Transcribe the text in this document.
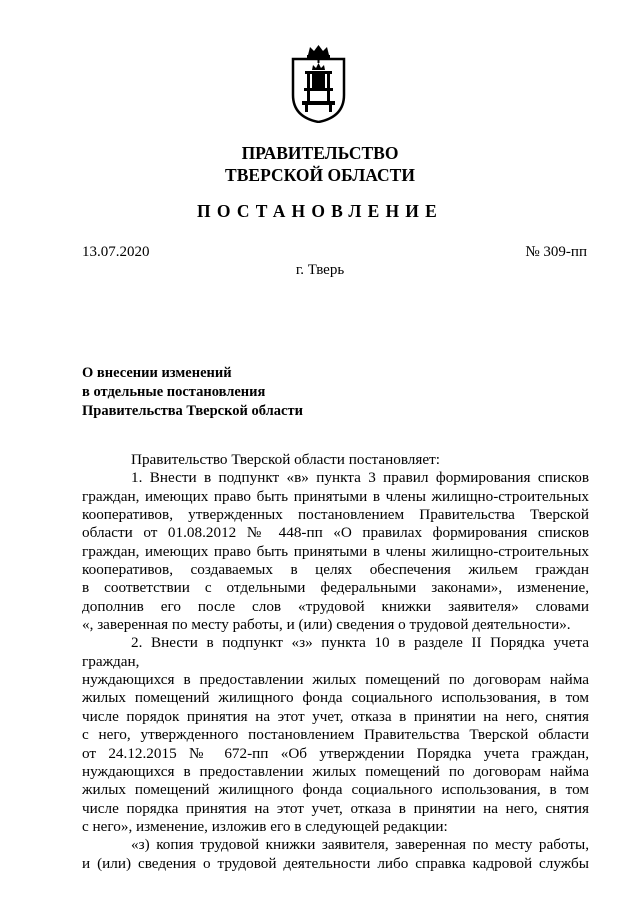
ПРАВИТЕЛЬСТВО
ТВЕРСКОЙ ОБЛАСТИ
ПОСТАНОВЛЕНИЕ
13.07.2020	№ 309-пп
г. Тверь
О внесении изменений
в отдельные постановления
Правительства Тверской области

Правительство Тверской области постановляет:

1. Внести в подпункт «в» пункта 3 правил формирования списков

граждан, имеющих право быть принятыми в члены жилищно-строительных

кооперативов, утвержденных постановлением Правительства Тверской

области от 01.08.2012 № 448-пп «О правилах формирования списков

граждан, имеющих право быть принятыми в члены жилищно-строительных

кооперативов, создаваемых в целях обеспечения жильем граждан

в соответствии с отдельными федеральными законами», изменение,

дополнив его после слов «трудовой книжки заявителя» словами

«, заверенная по месту работы, и (или) сведения о трудовой деятельности».

2. Внести в подпункт «з» пункта 10 в разделе II Порядка учета граждан,

нуждающихся в предоставлении жилых помещений по договорам найма

жилых помещений жилищного фонда социального использования, в том

числе порядок принятия на этот учет, отказа в принятии на него, снятия

с него, утвержденного постановлением Правительства Тверской области

от 24.12.2015 № 672-пп «Об утверждении Порядка учета граждан,

нуждающихся в предоставлении жилых помещений по договорам найма

жилых помещений жилищного фонда социального использования, в том

числе порядка принятия на этот учет, отказа в принятии на него, снятия

с него», изменение, изложив его в следующей редакции:

«з) копия трудовой книжки заявителя, заверенная по месту работы,

и (или) сведения о трудовой деятельности либо справка кадровой службы
